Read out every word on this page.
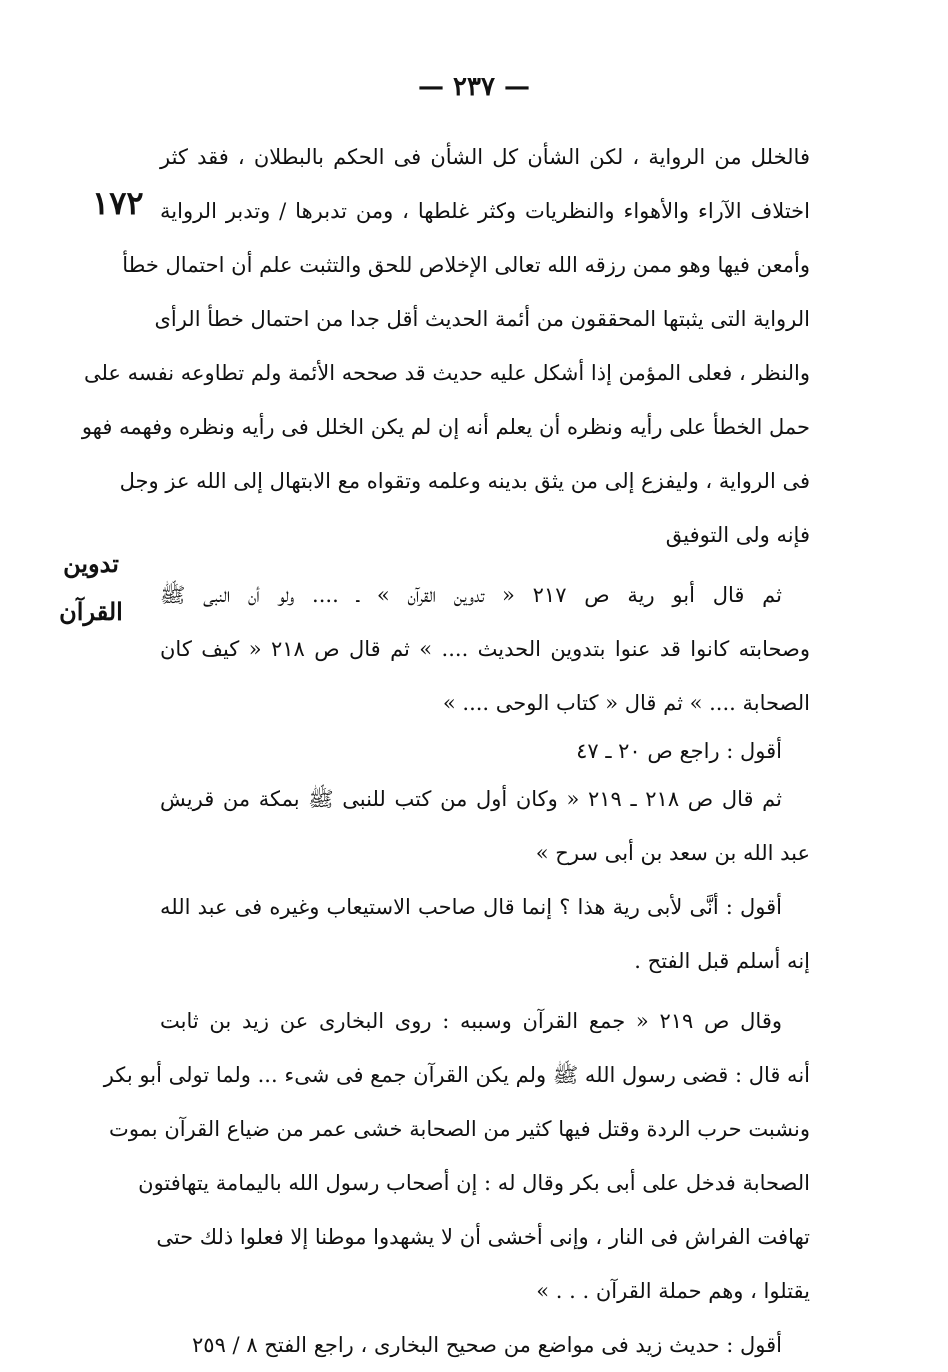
— ٢٣٧ —
١٧٢
تدوين
القرآن
فالخلل من الرواية ، لكن الشأن كل الشأن فى الحكم بالبطلان ، فقد كثر
اختلاف الآراء والأهواء والنظريات وكثر غلطها ، ومن تدبرها / وتدبر الرواية
وأمعن فيها وهو ممن رزقه الله تعالى الإخلاص للحق والتثبت علم أن احتمال خطأ
الرواية التى يثبتها المحققون من أئمة الحديث أقل جدا من احتمال خطأ الرأى
والنظر ، فعلى المؤمن إذا أشكل عليه حديث قد صححه الأئمة ولم تطاوعه نفسه على
حمل الخطأ على رأيه ونظره أن يعلم أنه إن لم يكن الخلل فى رأيه ونظره وفهمه فهو
فى الرواية ، وليفزع إلى من يثق بدينه وعلمه وتقواه مع الابتهال إلى الله عز وجل
فإنه ولى التوفيق
ثم قال أبو رية ص ٢١٧ « تدوين القرآن » ـ .... ولو أن النبى ﷺ
وصحابته كانوا قد عنوا بتدوين الحديث .... » ثم قال ص ٢١٨ « كيف كان
الصحابة .... » ثم قال « كتاب الوحى .... »
أقول : راجع ص ٢٠ ـ ٤٧
ثم قال ص ٢١٨ ـ ٢١٩ « وكان أول من كتب للنبى ﷺ بمكة من قريش
عبد الله بن سعد بن أبى سرح »
أقول : أنَّى لأبى رية هذا ؟ إنما قال صاحب الاستيعاب وغيره فى عبد الله
إنه أسلم قبل الفتح .
وقال ص ٢١٩ « جمع القرآن وسببه : روى البخارى عن زيد بن ثابت
أنه قال : قضى رسول الله ﷺ ولم يكن القرآن جمع فى شىء ... ولما تولى أبو بكر
ونشبت حرب الردة وقتل فيها كثير من الصحابة خشى عمر من ضياع القرآن بموت
الصحابة فدخل على أبى بكر وقال له : إن أصحاب رسول الله باليمامة يتهافتون
تهافت الفراش فى النار ، وإنى أخشى أن لا يشهدوا موطنا إلا فعلوا ذلك حتى
يقتلوا ، وهم حملة القرآن . . . »
أقول : حديث زيد فى مواضع من صحيح البخارى ، راجع الفتح ٨ / ٢٥٩
